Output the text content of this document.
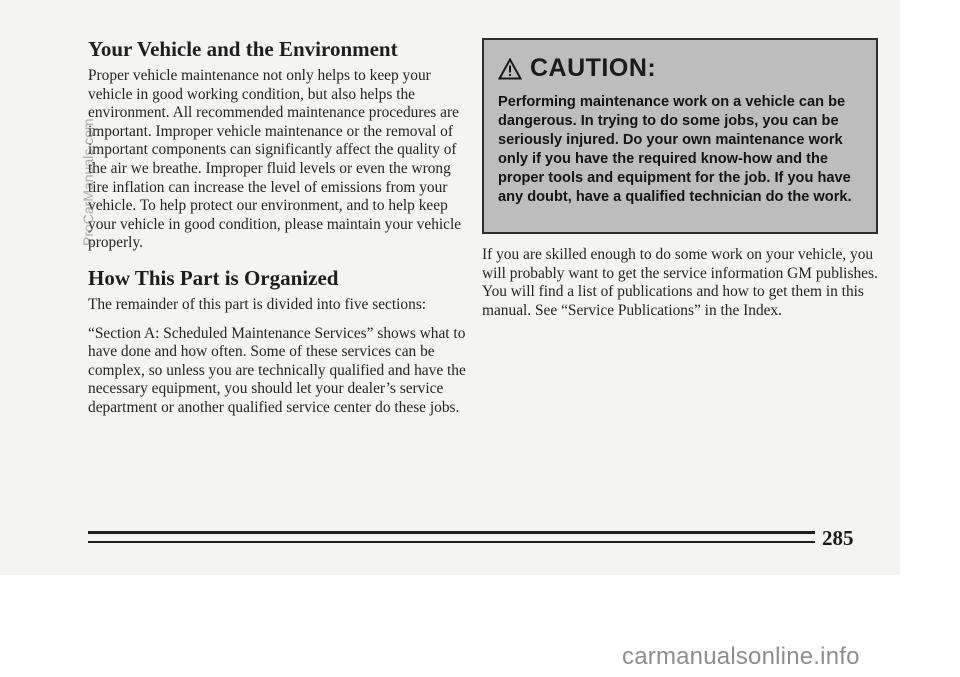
Your Vehicle and the Environment

Proper vehicle maintenance not only helps to keep your vehicle in good working condition, but also helps the environment. All recommended maintenance procedures are important. Improper vehicle maintenance or the removal of important components can significantly affect the quality of the air we breathe. Improper fluid levels or even the wrong tire inflation can increase the level of emissions from your vehicle. To help protect our environment, and to help keep your vehicle in good condition, please maintain your vehicle properly.

How This Part is Organized

The remainder of this part is divided into five sections:

“Section A: Scheduled Maintenance Services” shows what to have done and how often. Some of these services can be complex, so unless you are technically qualified and have the necessary equipment, you should let your dealer’s service department or another qualified service center do these jobs.

CAUTION:
Performing maintenance work on a vehicle can be dangerous. In trying to do some jobs, you can be seriously injured. Do your own maintenance work only if you have the required know-how and the proper tools and equipment for the job. If you have any doubt, have a qualified technician do the work.

If you are skilled enough to do some work on your vehicle, you will probably want to get the service information GM publishes. You will find a list of publications and how to get them in this manual. See “Service Publications” in the Index.

285
ProCarManuals.com
carmanualsonline.info
